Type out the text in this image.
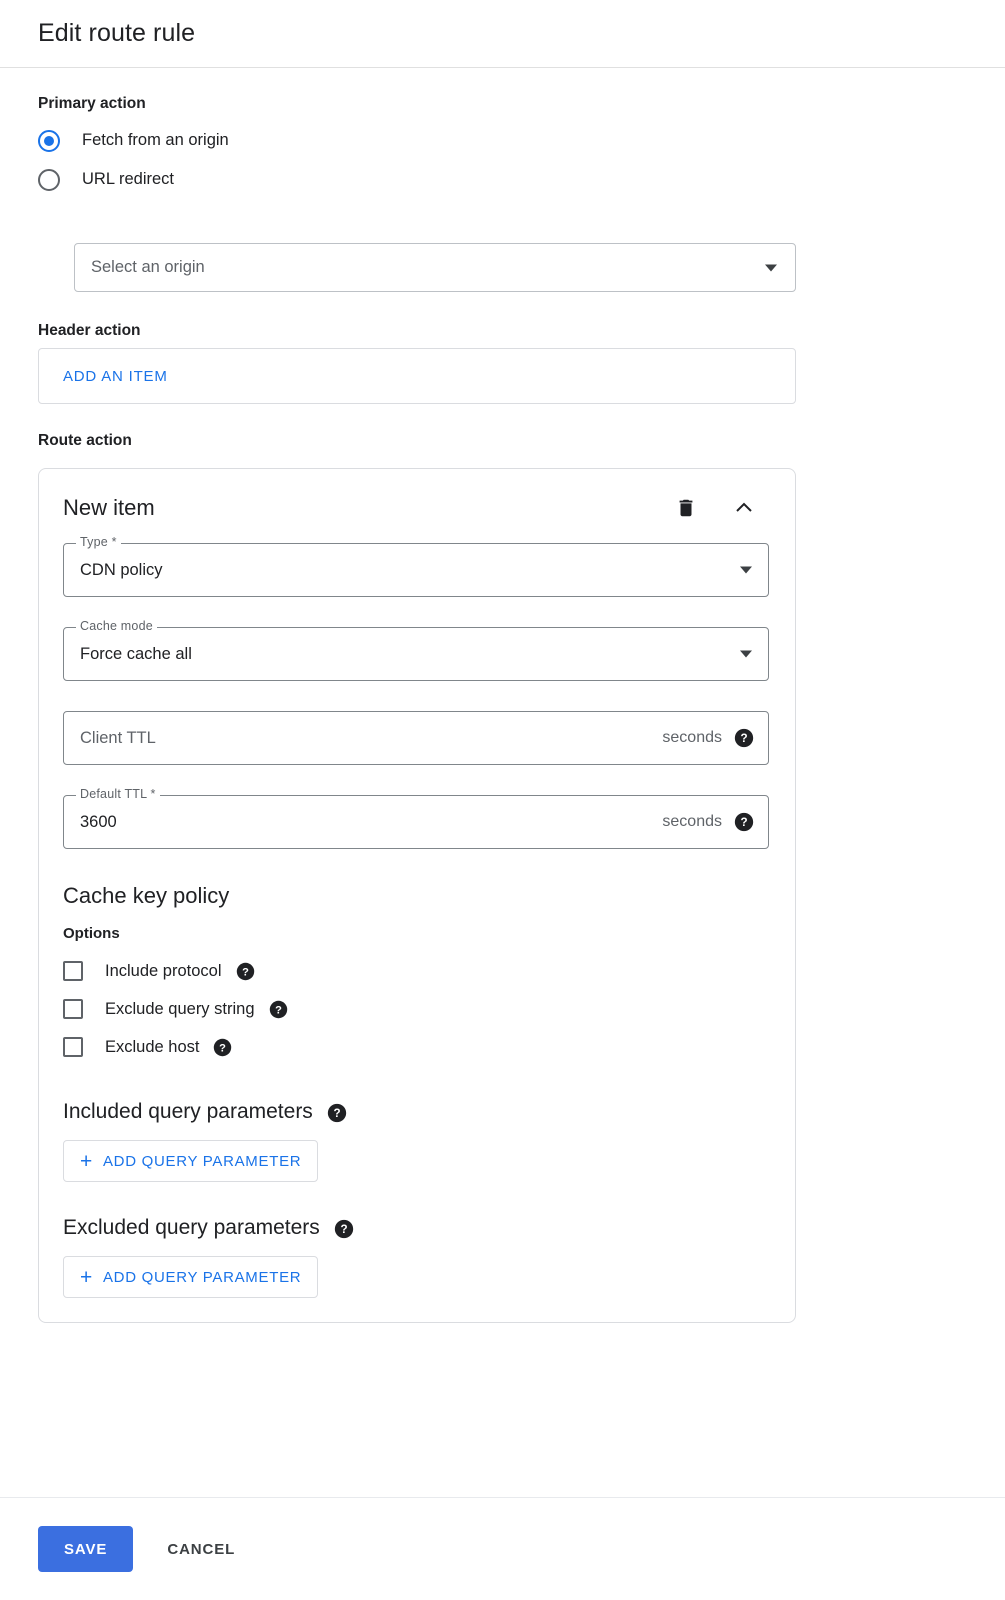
Edit route rule
Primary action
Fetch from an origin
URL redirect
Select an origin
Header action
ADD AN ITEM
Route action
New item
Type *
CDN policy
Cache mode
Force cache all
Client TTL	seconds ?
Default TTL *
3600	seconds ?
Cache key policy
Options
Include protocol ?
Exclude query string ?
Exclude host ?
Included query parameters ?
+ ADD QUERY PARAMETER
Excluded query parameters ?
+ ADD QUERY PARAMETER
SAVE	CANCEL
